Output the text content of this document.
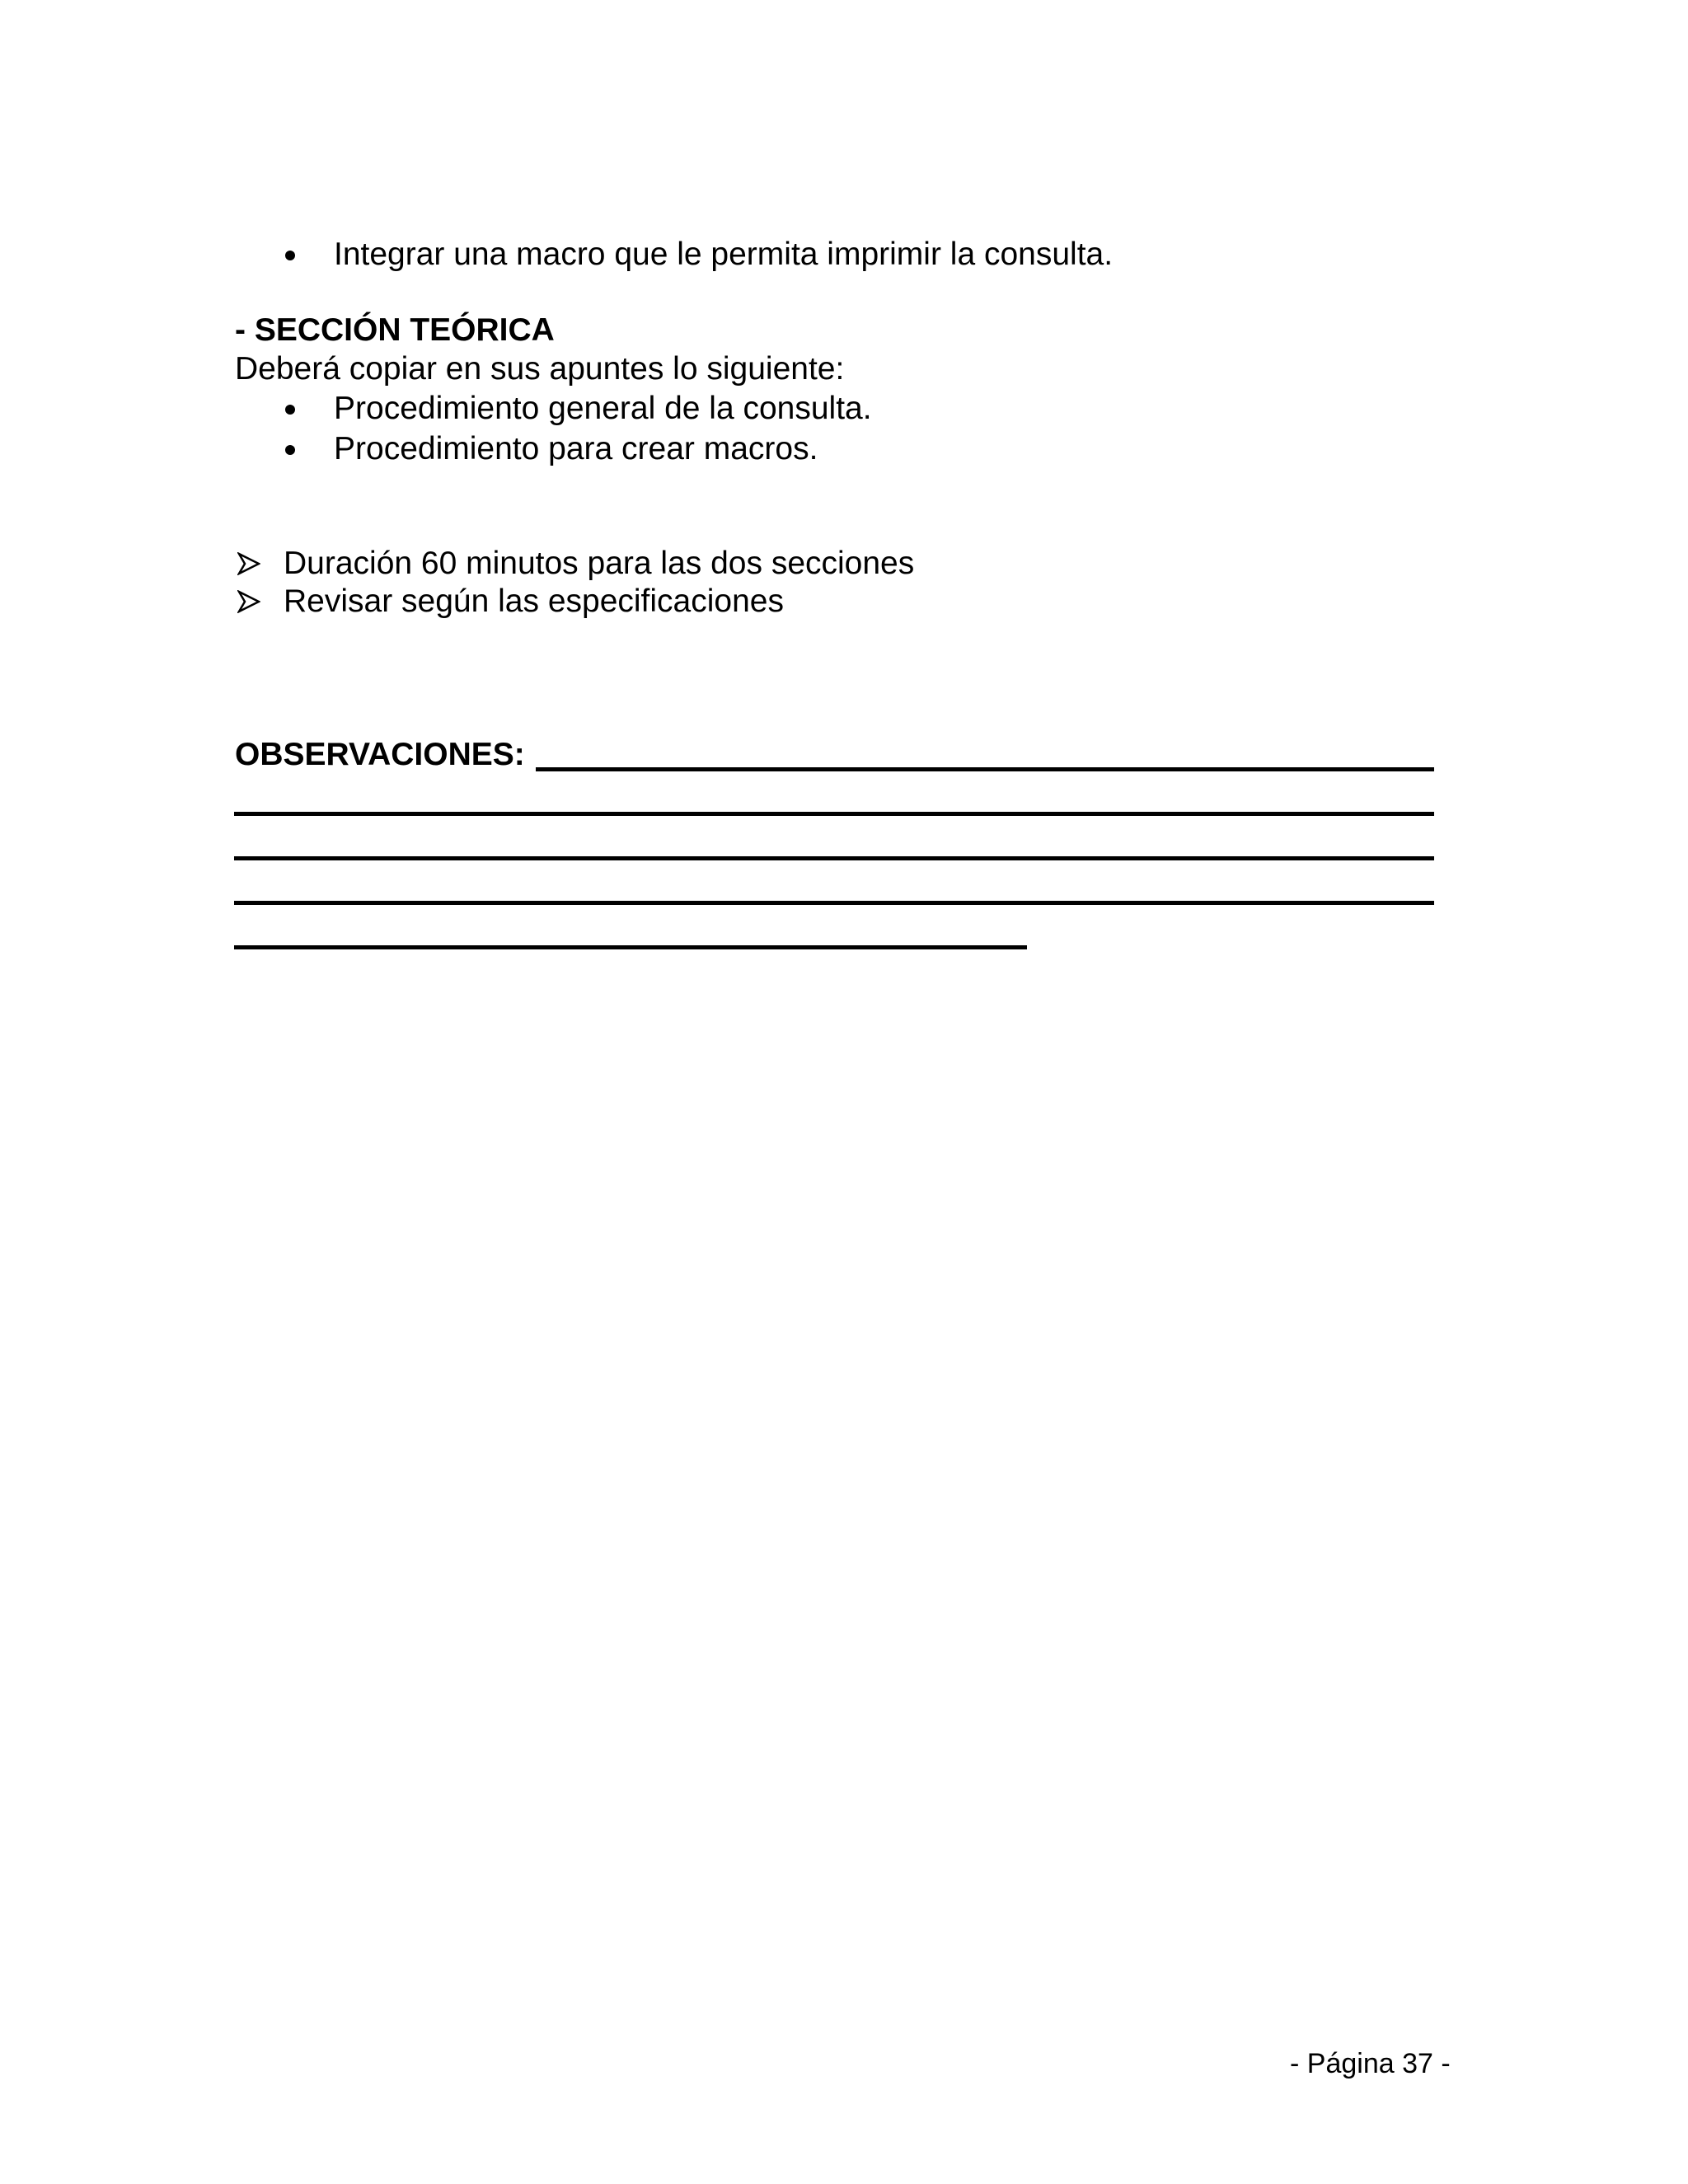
Integrar una macro que le permita imprimir la consulta.
- SECCIÓN TEÓRICA
Deberá copiar en sus apuntes lo siguiente:
Procedimiento general de la consulta.
Procedimiento para crear macros.
Duración 60 minutos para las dos secciones
Revisar según las especificaciones
OBSERVACIONES:
- Página 37 -
